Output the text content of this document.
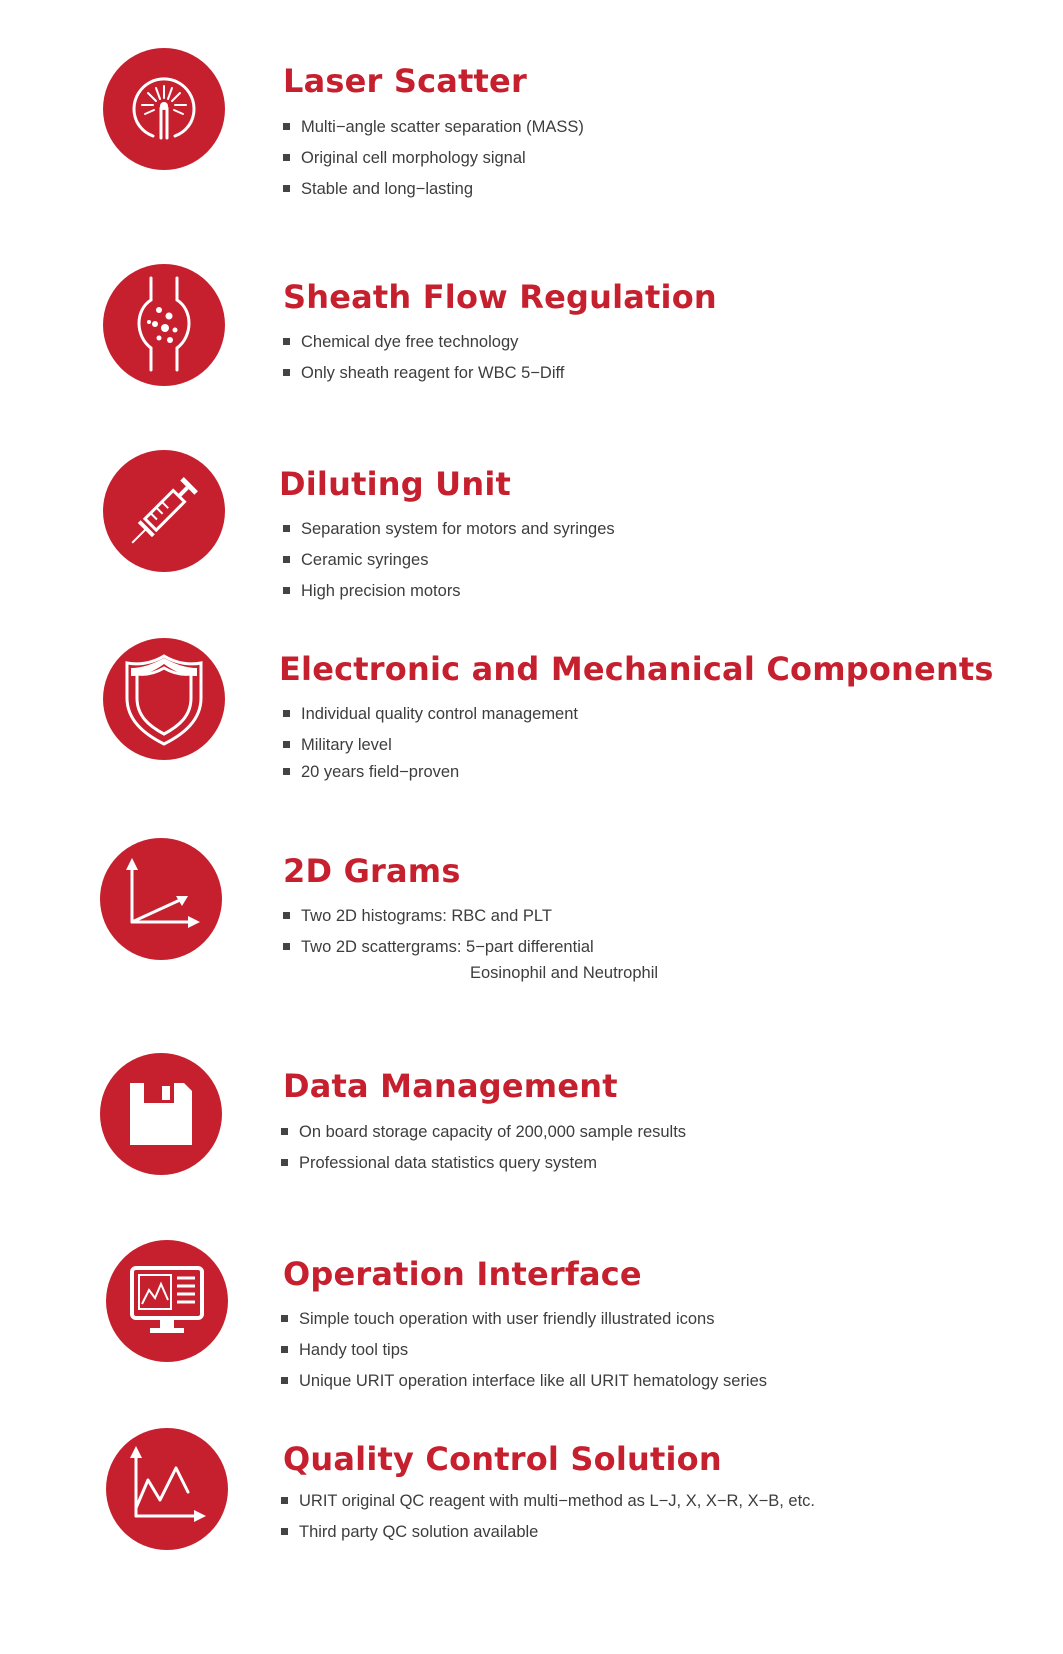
Laser Scatter
Multi−angle scatter separation (MASS)
Original cell morphology signal
Stable and long−lasting
Sheath Flow Regulation
Chemical dye free technology
Only sheath reagent for WBC 5−Diff
Diluting Unit
Separation system for motors and syringes
Ceramic syringes
High precision motors
Electronic and Mechanical Components
Individual quality control management
Military level
20 years field−proven
2D Grams
Two 2D histograms: RBC and PLT
Two 2D scattergrams: 5−part differential
Eosinophil and Neutrophil
Data Management
On board storage capacity of 200,000 sample results
Professional data statistics query system
Operation Interface
Simple touch operation with user friendly illustrated icons
Handy tool tips
Unique URIT operation interface like all URIT hematology series
Quality Control Solution
URIT original QC reagent with multi−method as L−J, X, X−R, X−B, etc.
Third party QC solution available
